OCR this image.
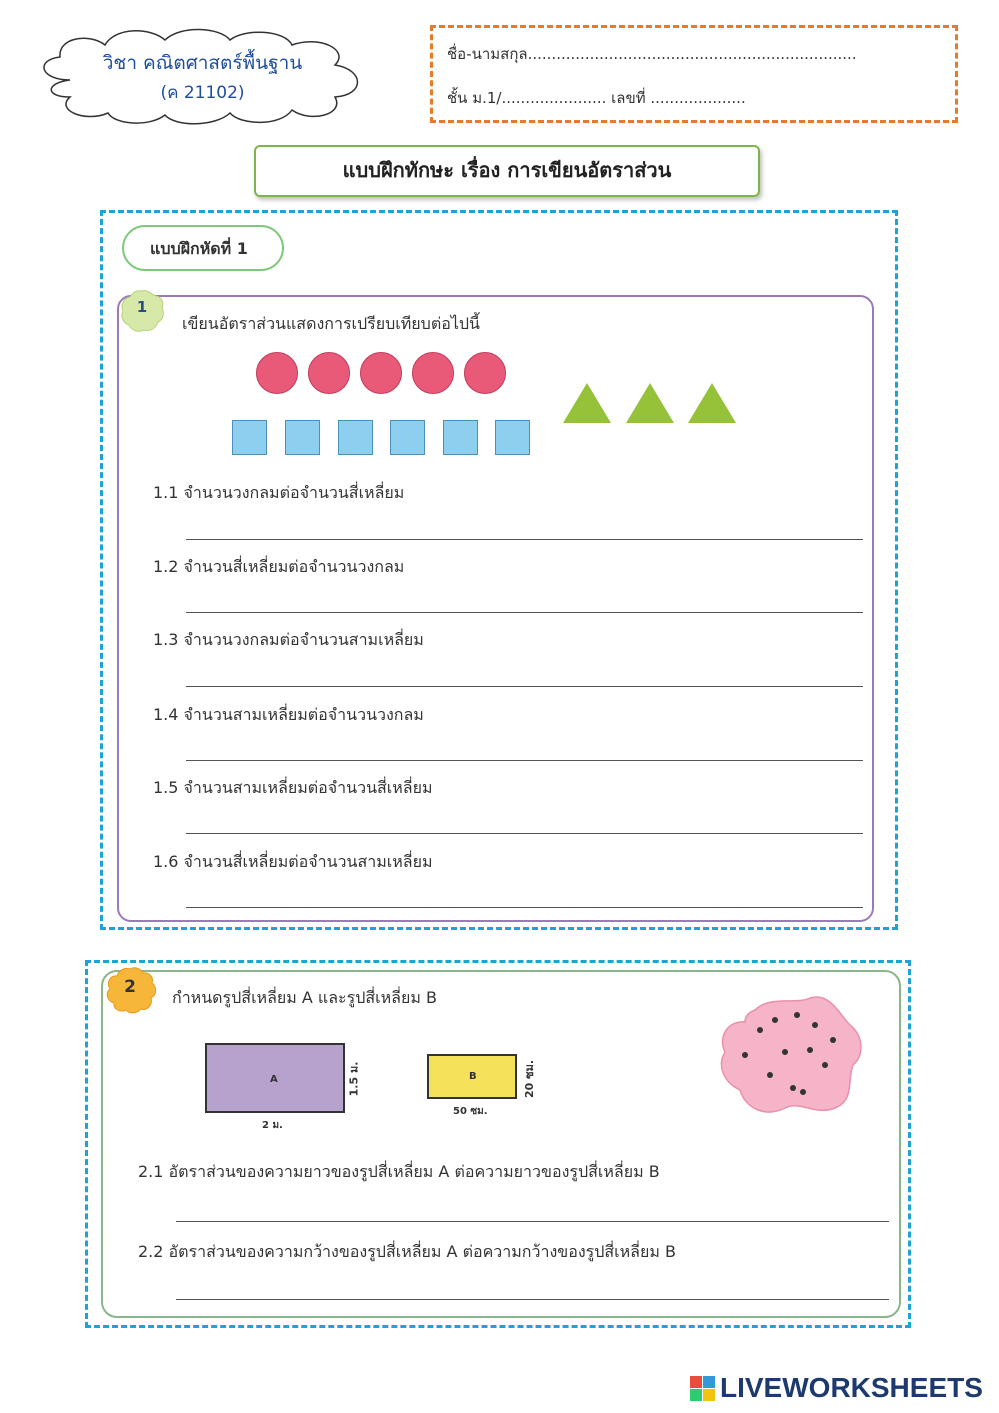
วิชา คณิตศาสตร์พื้นฐาน
(ค 21102)
ชื่อ-นามสกุล.....................................................................
ชั้น ม.1/...................... เลขที่ ....................
แบบฝึกทักษะ เรื่อง การเขียนอัตราส่วน
แบบฝึกหัดที่ 1
1
เขียนอัตราส่วนแสดงการเปรียบเทียบต่อไปนี้
1.1 จำนวนวงกลมต่อจำนวนสี่เหลี่ยม
1.2 จำนวนสี่เหลี่ยมต่อจำนวนวงกลม
1.3 จำนวนวงกลมต่อจำนวนสามเหลี่ยม
1.4 จำนวนสามเหลี่ยมต่อจำนวนวงกลม
1.5 จำนวนสามเหลี่ยมต่อจำนวนสี่เหลี่ยม
1.6 จำนวนสี่เหลี่ยมต่อจำนวนสามเหลี่ยม
2
กำหนดรูปสี่เหลี่ยม A และรูปสี่เหลี่ยม B
A
2 ม.
1.5 ม.	B
50 ซม.
20 ซม.
2.1 อัตราส่วนของความยาวของรูปสี่เหลี่ยม A ต่อความยาวของรูปสี่เหลี่ยม B
2.2 อัตราส่วนของความกว้างของรูปสี่เหลี่ยม A ต่อความกว้างของรูปสี่เหลี่ยม B
LIVEWORKSHEETS
